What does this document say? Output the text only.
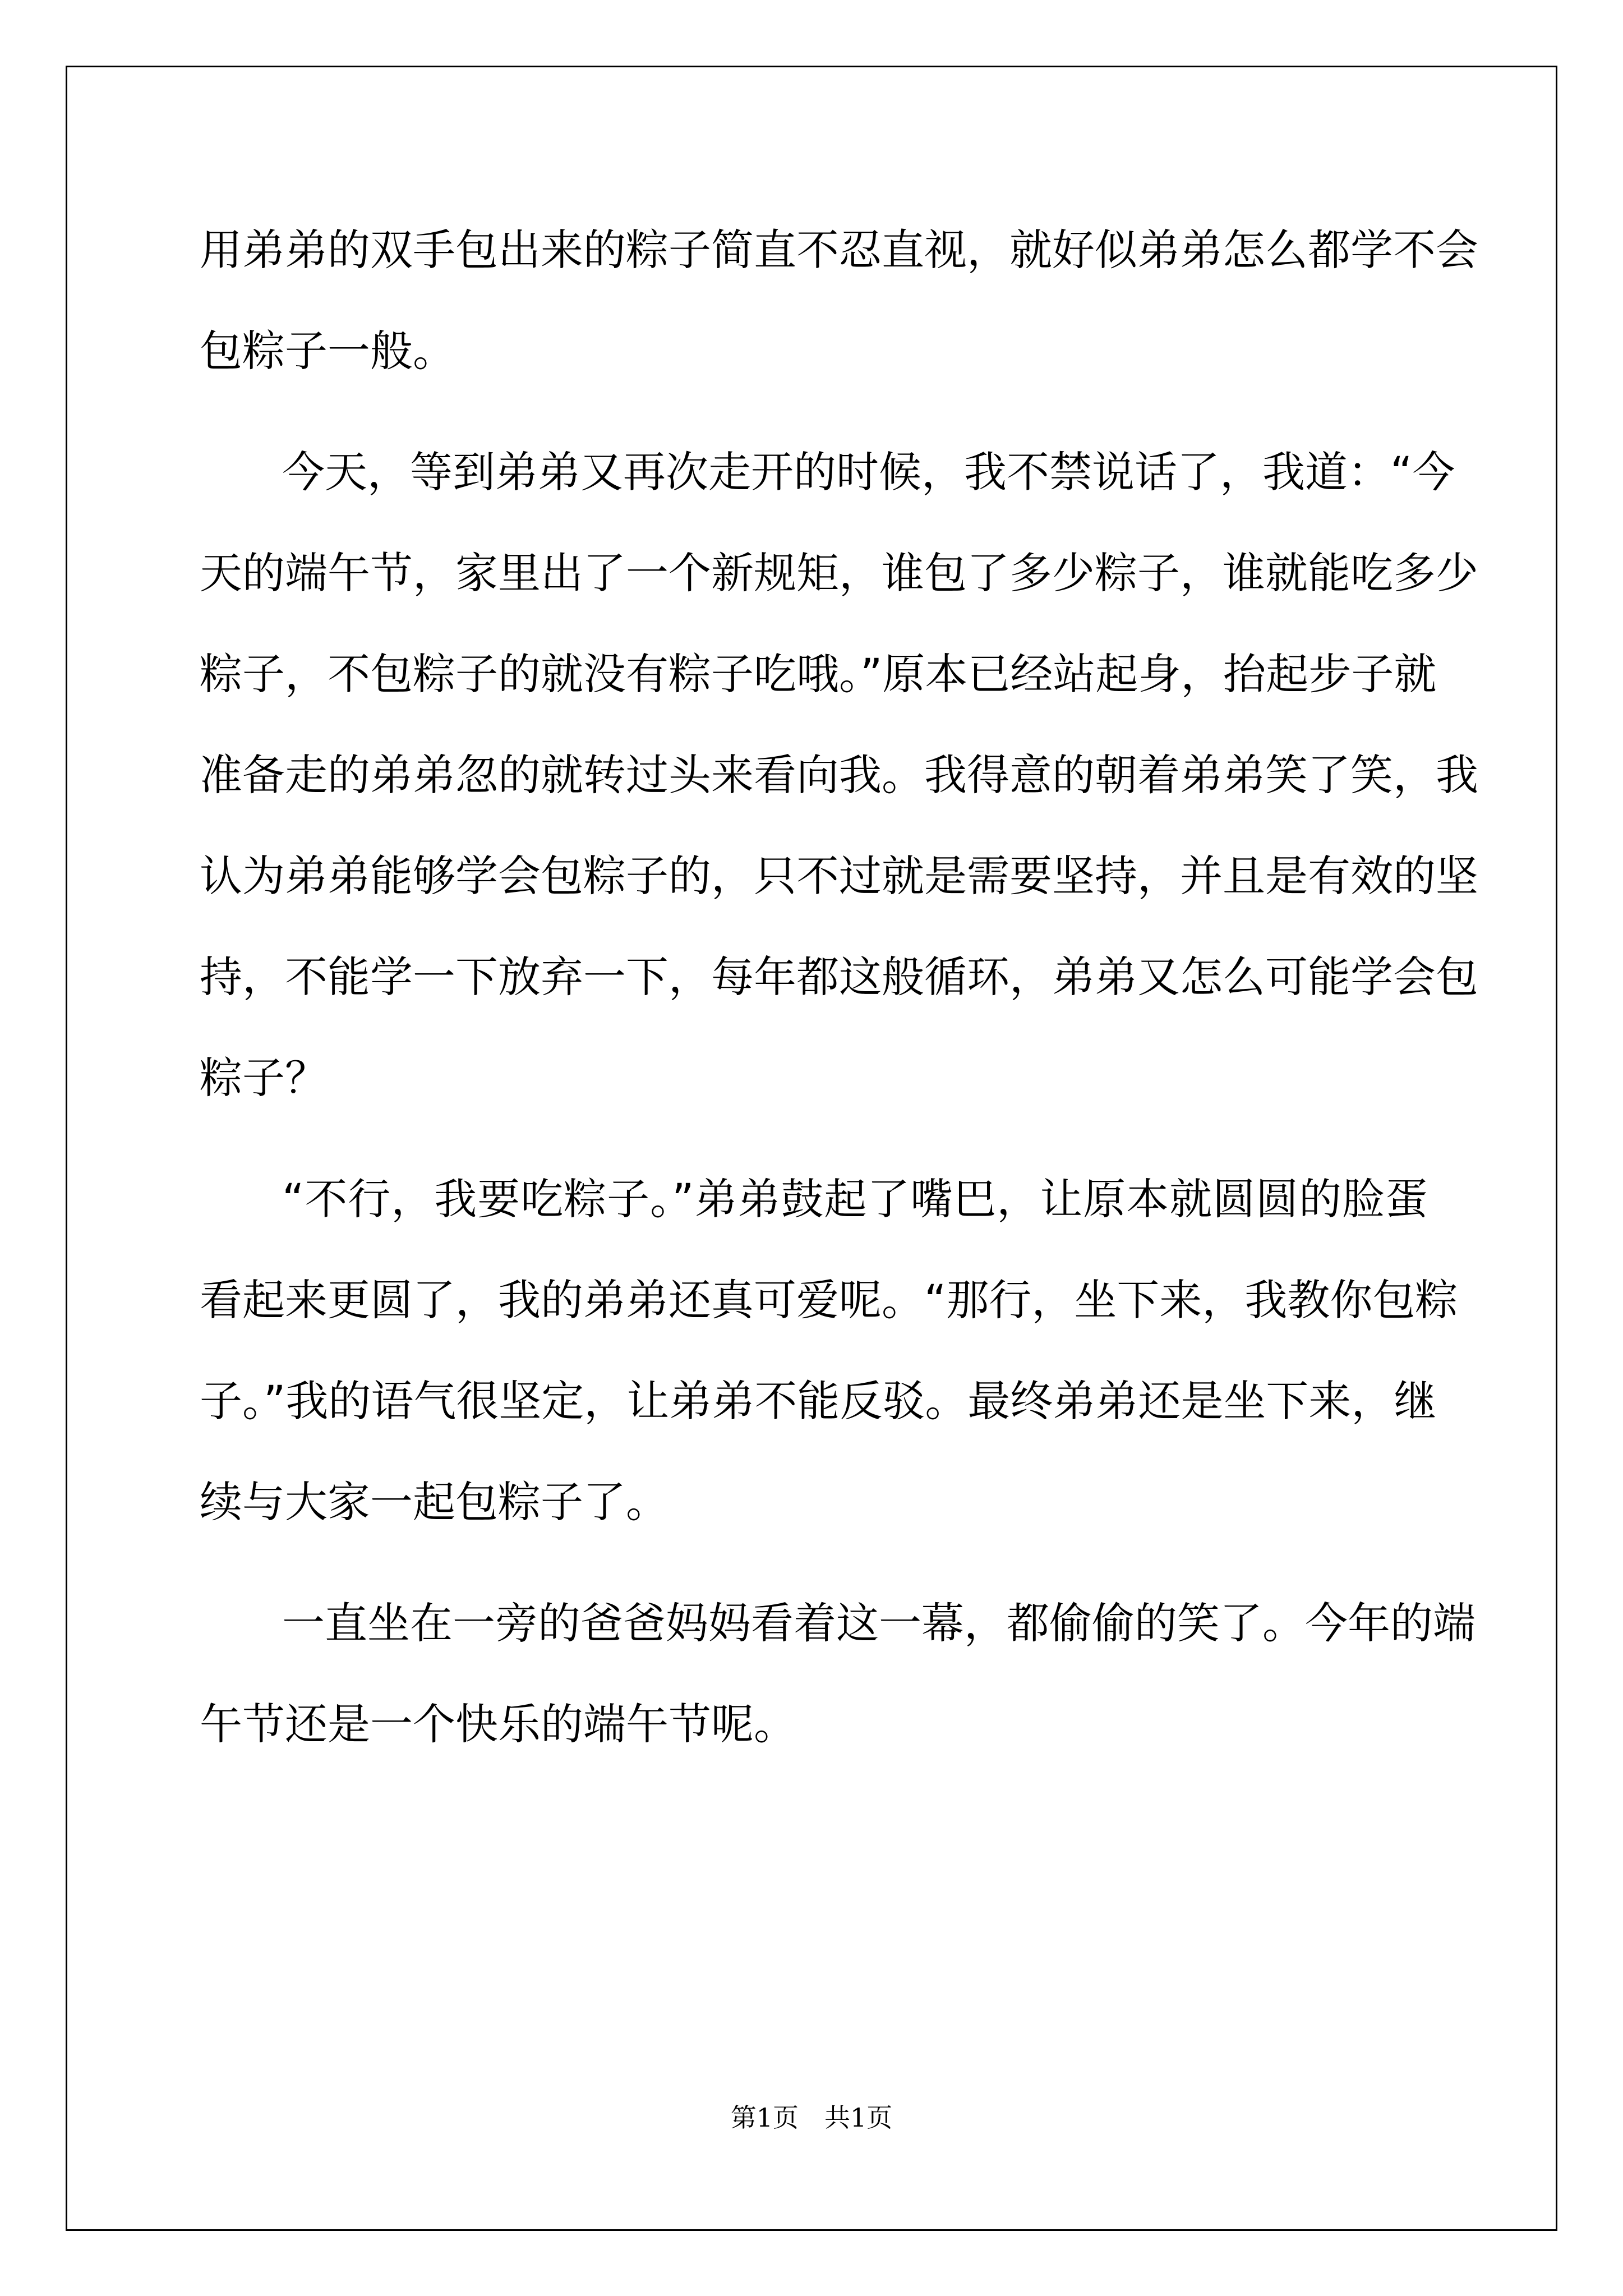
用弟弟的双手包出来的粽子简直不忍直视，就好似弟弟怎么都学不会
包粽子一般。
今天，等到弟弟又再次走开的时候，我不禁说话了，我道：“今
天的端午节，家里出了一个新规矩，谁包了多少粽子，谁就能吃多少
粽子，不包粽子的就没有粽子吃哦。”原本已经站起身，抬起步子就
准备走的弟弟忽的就转过头来看向我。我得意的朝着弟弟笑了笑，我
认为弟弟能够学会包粽子的，只不过就是需要坚持，并且是有效的坚
持，不能学一下放弃一下，每年都这般循环，弟弟又怎么可能学会包
粽子？
“不行，我要吃粽子。”弟弟鼓起了嘴巴，让原本就圆圆的脸蛋
看起来更圆了，我的弟弟还真可爱呢。“那行，坐下来，我教你包粽
子。”我的语气很坚定，让弟弟不能反驳。最终弟弟还是坐下来，继
续与大家一起包粽子了。
一直坐在一旁的爸爸妈妈看着这一幕，都偷偷的笑了。今年的端
午节还是一个快乐的端午节呢。
第1页　共1页
